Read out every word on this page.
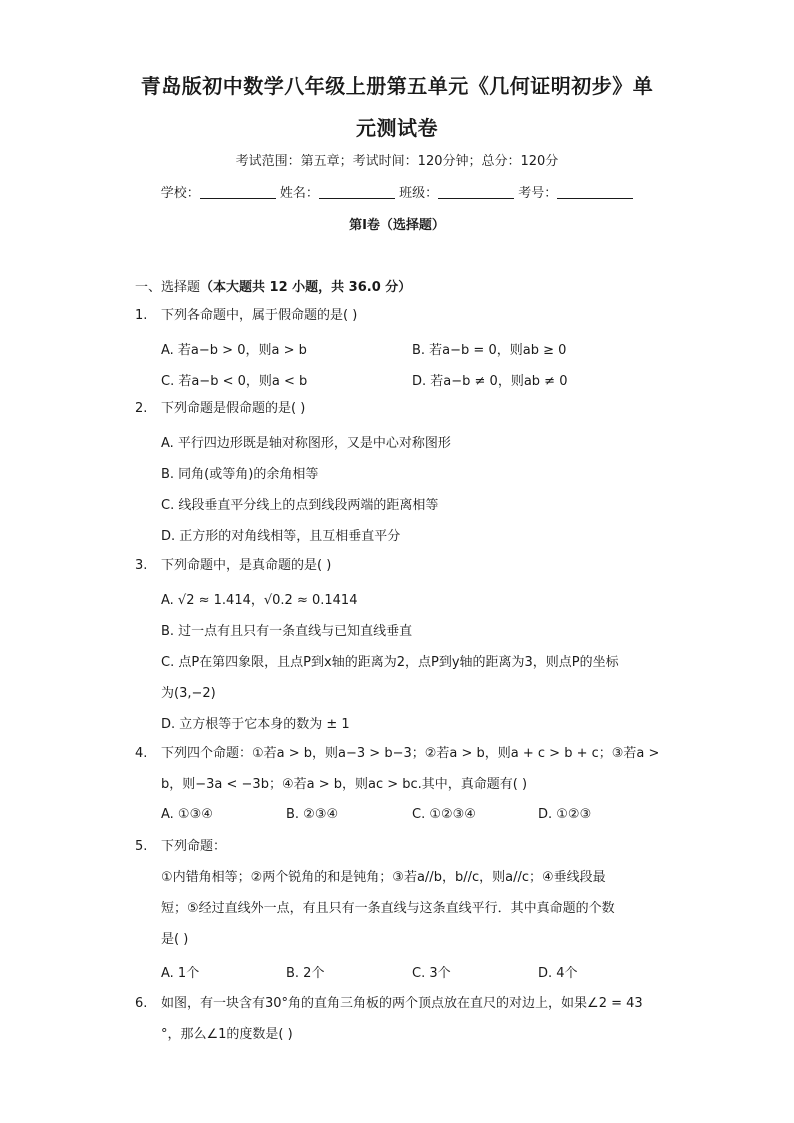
青岛版初中数学八年级上册第五单元《几何证明初步》单
元测试卷
考试范围：第五章；考试时间：120分钟；总分：120分
学校：	姓名：	班级：	考号：
第I卷（选择题）
一、选择题（本大题共 12 小题，共 36.0 分）
1. 下列各命题中，属于假命题的是( )
A. 若a−b > 0，则a > b	B. 若a−b = 0，则ab ≥ 0
C. 若a−b < 0，则a < b	D. 若a−b ≠ 0，则ab ≠ 0
2. 下列命题是假命题的是( )
A. 平行四边形既是轴对称图形，又是中心对称图形
B. 同角(或等角)的余角相等
C. 线段垂直平分线上的点到线段两端的距离相等
D. 正方形的对角线相等，且互相垂直平分
3. 下列命题中，是真命题的是( )
A. √2 ≈ 1.414，√0.2 ≈ 0.1414
B. 过一点有且只有一条直线与已知直线垂直
C. 点P在第四象限，且点P到x轴的距离为2，点P到y轴的距离为3，则点P的坐标
为(3,−2)
D. 立方根等于它本身的数为 ± 1
4. 下列四个命题：①若a > b，则a−3 > b−3；②若a > b，则a + c > b + c；③若a >
b，则−3a < −3b；④若a > b，则ac > bc.其中，真命题有( )
A. ①③④	B. ②③④	C. ①②③④	D. ①②③
5. 下列命题：
①内错角相等；②两个锐角的和是钝角；③若a//b，b//c，则a//c；④垂线段最
短；⑤经过直线外一点，有且只有一条直线与这条直线平行．其中真命题的个数
是( )
A. 1个	B. 2个	C. 3个	D. 4个
6. 如图，有一块含有30°角的直角三角板的两个顶点放在直尺的对边上，如果∠2 = 43
°，那么∠1的度数是( )
